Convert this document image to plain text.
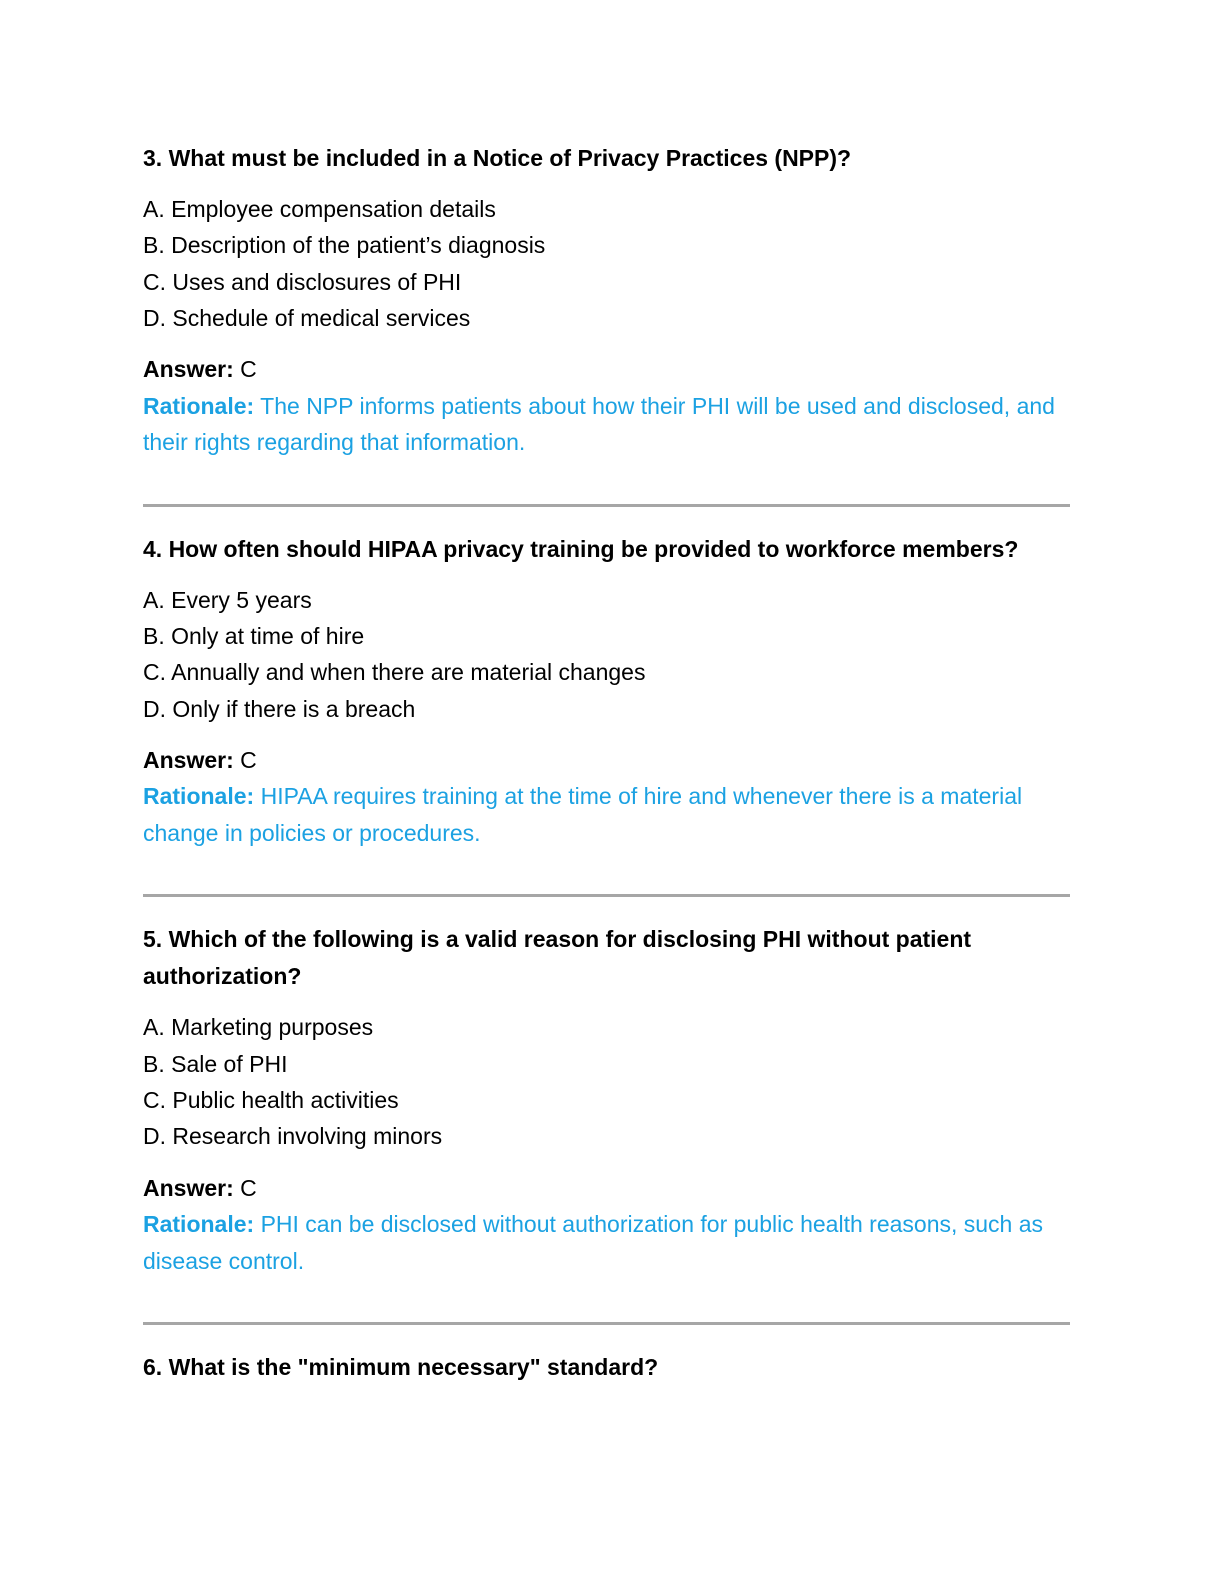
3. What must be included in a Notice of Privacy Practices (NPP)?

A. Employee compensation details
B. Description of the patient’s diagnosis
C. Uses and disclosures of PHI
D. Schedule of medical services

Answer: C

Rationale: The NPP informs patients about how their PHI will be used and disclosed, and their rights regarding that information.

4. How often should HIPAA privacy training be provided to workforce members?

A. Every 5 years
B. Only at time of hire
C. Annually and when there are material changes
D. Only if there is a breach

Answer: C

Rationale: HIPAA requires training at the time of hire and whenever there is a material change in policies or procedures.

5. Which of the following is a valid reason for disclosing PHI without patient authorization?

A. Marketing purposes
B. Sale of PHI
C. Public health activities
D. Research involving minors

Answer: C

Rationale: PHI can be disclosed without authorization for public health reasons, such as disease control.

6. What is the "minimum necessary" standard?
